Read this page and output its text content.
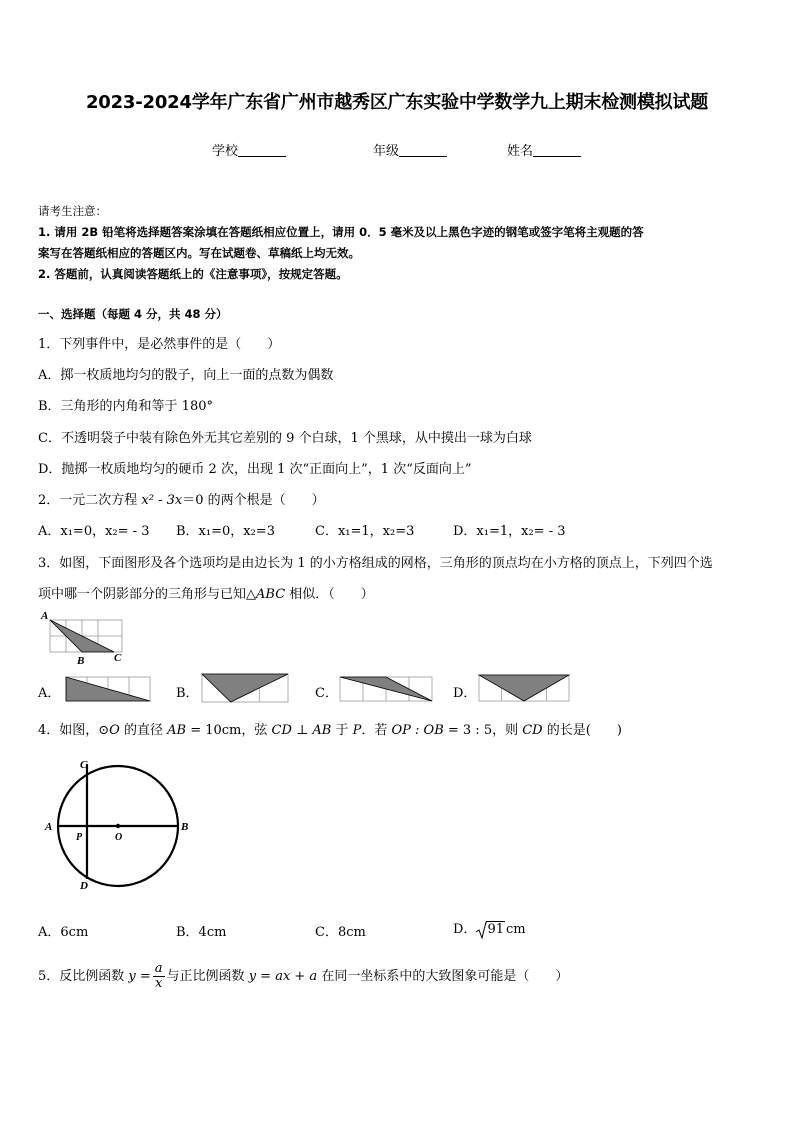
2023-2024学年广东省广州市越秀区广东实验中学数学九上期末检测模拟试题
学校	年级	姓名
请考生注意：
1. 请用 2B 铅笔将选择题答案涂填在答题纸相应位置上，请用 0．5 毫米及以上黑色字迹的钢笔或签字笔将主观题的答
案写在答题纸相应的答题区内。写在试题卷、草稿纸上均无效。
2. 答题前，认真阅读答题纸上的《注意事项》，按规定答题。
一、选择题（每题 4 分，共 48 分）
1．下列事件中，是必然事件的是（　　）
A．掷一枚质地均匀的骰子，向上一面的点数为偶数
B．三角形的内角和等于 180°
C．不透明袋子中装有除色外无其它差别的 9 个白球，1 个黑球，从中摸出一球为白球
D．抛掷一枚质地均匀的硬币 2 次，出现 1 次“正面向上”，1 次“反面向上”
2．一元二次方程 x² - 3x＝0 的两个根是（　　）
A．x₁=0，x₂= - 3 B．x₁=0，x₂=3	C．x₁=1，x₂=3	D．x₁=1，x₂= - 3
3．如图，下面图形及各个选项均是由边长为 1 的小方格组成的网格，三角形的顶点均在小方格的顶点上，下列四个选
项中哪一个阴影部分的三角形与已知△ABC 相似．（　　）
A
B	C
A．	B．	C．	D．
4．如图，⊙O 的直径 AB = 10cm，弦 CD ⊥ AB 于 P．若 OP : OB = 3 : 5，则 CD 的长是(　　)
A	B
C
D
O
P
A．6cm	B．4cm	C．8cm	D． 91 cm
5．反比例函数 $y = \frac{a}{x}$ 与正比例函数 y = ax + a 在同一坐标系中的大致图象可能是（　　）
